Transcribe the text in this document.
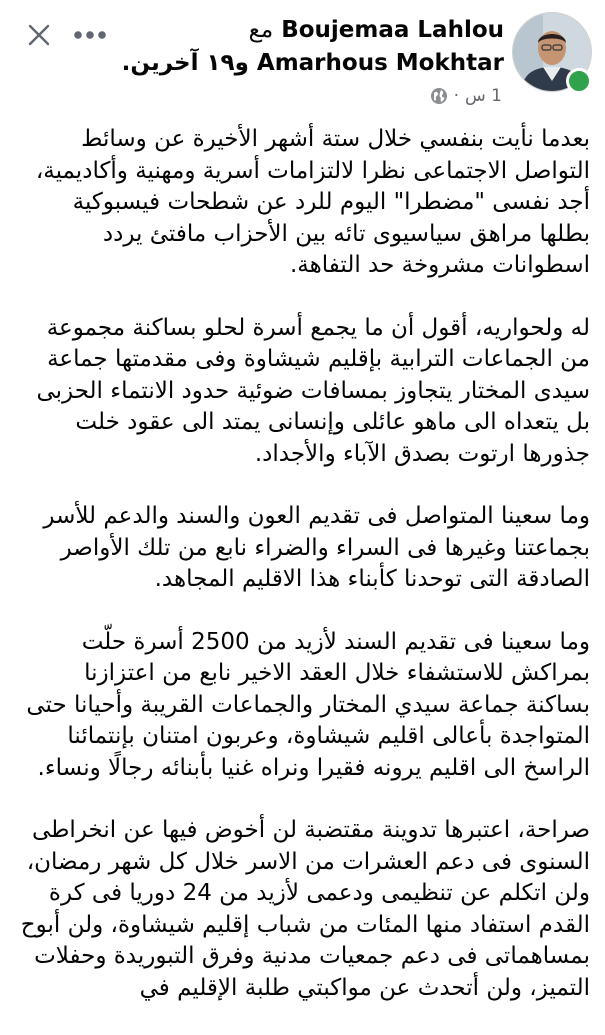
Boujemaa Lahlou مع Amarhous Mokhtar و١٩ آخرين.
1 س
·

بعدما نأيت بنفسي خلال ستة أشهر الأخيرة عن وسائط التواصل الاجتماعى نظرا لالتزامات أسرية ومهنية وأكاديمية، أجد نفسى "مضطرا" اليوم للرد عن شطحات فيسبوكية بطلها مراهق سياسيوى تائه بين الأحزاب مافتئ يردد اسطوانات مشروخة حد التفاهة.

له ولحواريه، أقول أن ما يجمع أسرة لحلو بساكنة مجموعة من الجماعات الترابية بإقليم شيشاوة وفى مقدمتها جماعة سيدى المختار يتجاوز بمسافات ضوئية حدود الانتماء الحزبى بل يتعداه الى ماهو عائلى وإنسانى يمتد الى عقود خلت جذورها ارتوت بصدق الآباء والأجداد.

وما سعينا المتواصل فى تقديم العون والسند والدعم للأسر بجماعتنا وغيرها فى السراء والضراء نابع من تلك الأواصر الصادقة التى توحدنا كأبناء هذا الاقليم المجاهد.

وما سعينا فى تقديم السند لأزيد من 2500 أسرة حلّت بمراكش للاستشفاء خلال العقد الاخير نابع من اعتزازنا بساكنة جماعة سيدي المختار والجماعات القريبة وأحيانا حتى المتواجدة بأعالى اقليم شيشاوة، وعربون امتنان بإنتمائنا الراسخ الى اقليم يرونه فقيرا ونراه غنيا بأبنائه رجالًا ونساء.

صراحة، اعتبرها تدوينة مقتضبة لن أخوض فيها عن انخراطى السنوى فى دعم العشرات من الاسر خلال كل شهر رمضان، ولن اتكلم عن تنظيمى ودعمى لأزيد من 24 دوريا فى كرة القدم استفاد منها المئات من شباب إقليم شيشاوة، ولن أبوح بمساهماتى فى دعم جمعيات مدنية وفرق التبوريدة وحفلات التميز، ولن أتحدث عن مواكبتي طلبة الإقليم في
